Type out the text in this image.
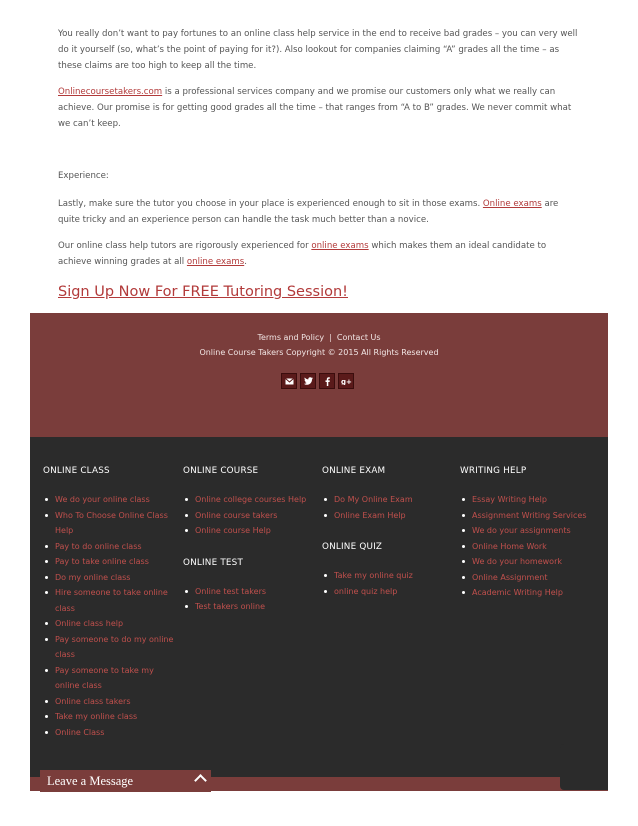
You really don’t want to pay fortunes to an online class help service in the end to receive bad grades – you can very well do it yourself (so, what’s the point of paying for it?). Also lookout for companies claiming “A” grades all the time – as these claims are too high to keep all the time.

Onlinecoursetakers.com is a professional services company and we promise our customers only what we really can achieve. Our promise is for getting good grades all the time – that ranges from “A to B” grades. We never commit what we can’t keep.

Experience:

Lastly, make sure the tutor you choose in your place is experienced enough to sit in those exams. Online exams are quite tricky and an experience person can handle the task much better than a novice.

Our online class help tutors are rigorously experienced for online exams which makes them an ideal candidate to achieve winning grades at all online exams.

Sign Up Now For FREE Tutoring Session!
Terms and Policy | Contact Us
Online Course Takers Copyright © 2015 All Rights Reserved
g+
ONLINE CLASS
We do your online class
Who To Choose Online Class Help
Pay to do online class
Pay to take online class
Do my online class
Hire someone to take online class
Online class help
Pay someone to do my online class
Pay someone to take my online class
Online class takers
Take my online class
Online Class
ONLINE COURSE
Online college courses Help
Online course takers
Online course Help
ONLINE TEST
Online test takers
Test takers online
ONLINE EXAM
Do My Online Exam
Online Exam Help
ONLINE QUIZ
Take my online quiz
online quiz help
WRITING HELP
Essay Writing Help
Assignment Writing Services
We do your assignments
Online Home Work
We do your homework
Online Assignment
Academic Writing Help
Leave a Message
